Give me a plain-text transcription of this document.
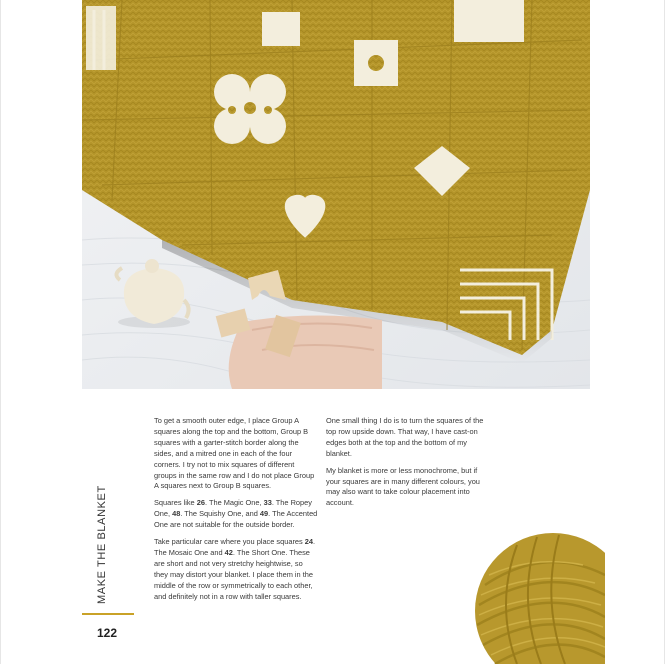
To get a smooth outer edge, I place Group A squares along the top and the bottom, Group B squares with a garter-stitch border along the sides, and a mitred one in each of the four corners. I try not to mix squares of different groups in the same row and I do not place Group A squares next to Group B squares.

Squares like 26. The Magic One, 33. The Ropey One, 48. The Squishy One, and 49. The Accented One are not suitable for the outside border.

Take particular care where you place squares 24. The Mosaic One and 42. The Short One. These are short and not very stretchy heightwise, so they may distort your blanket. I place them in the middle of the row or symmetrically to each other, and definitely not in a row with taller squares.

One small thing I do is to turn the squares of the top row upside down. That way, I have cast-on edges both at the top and the bottom of my blanket.

My blanket is more or less monochrome, but if your squares are in many different colours, you may also want to take colour placement into account.

MAKE THE BLANKET
122
